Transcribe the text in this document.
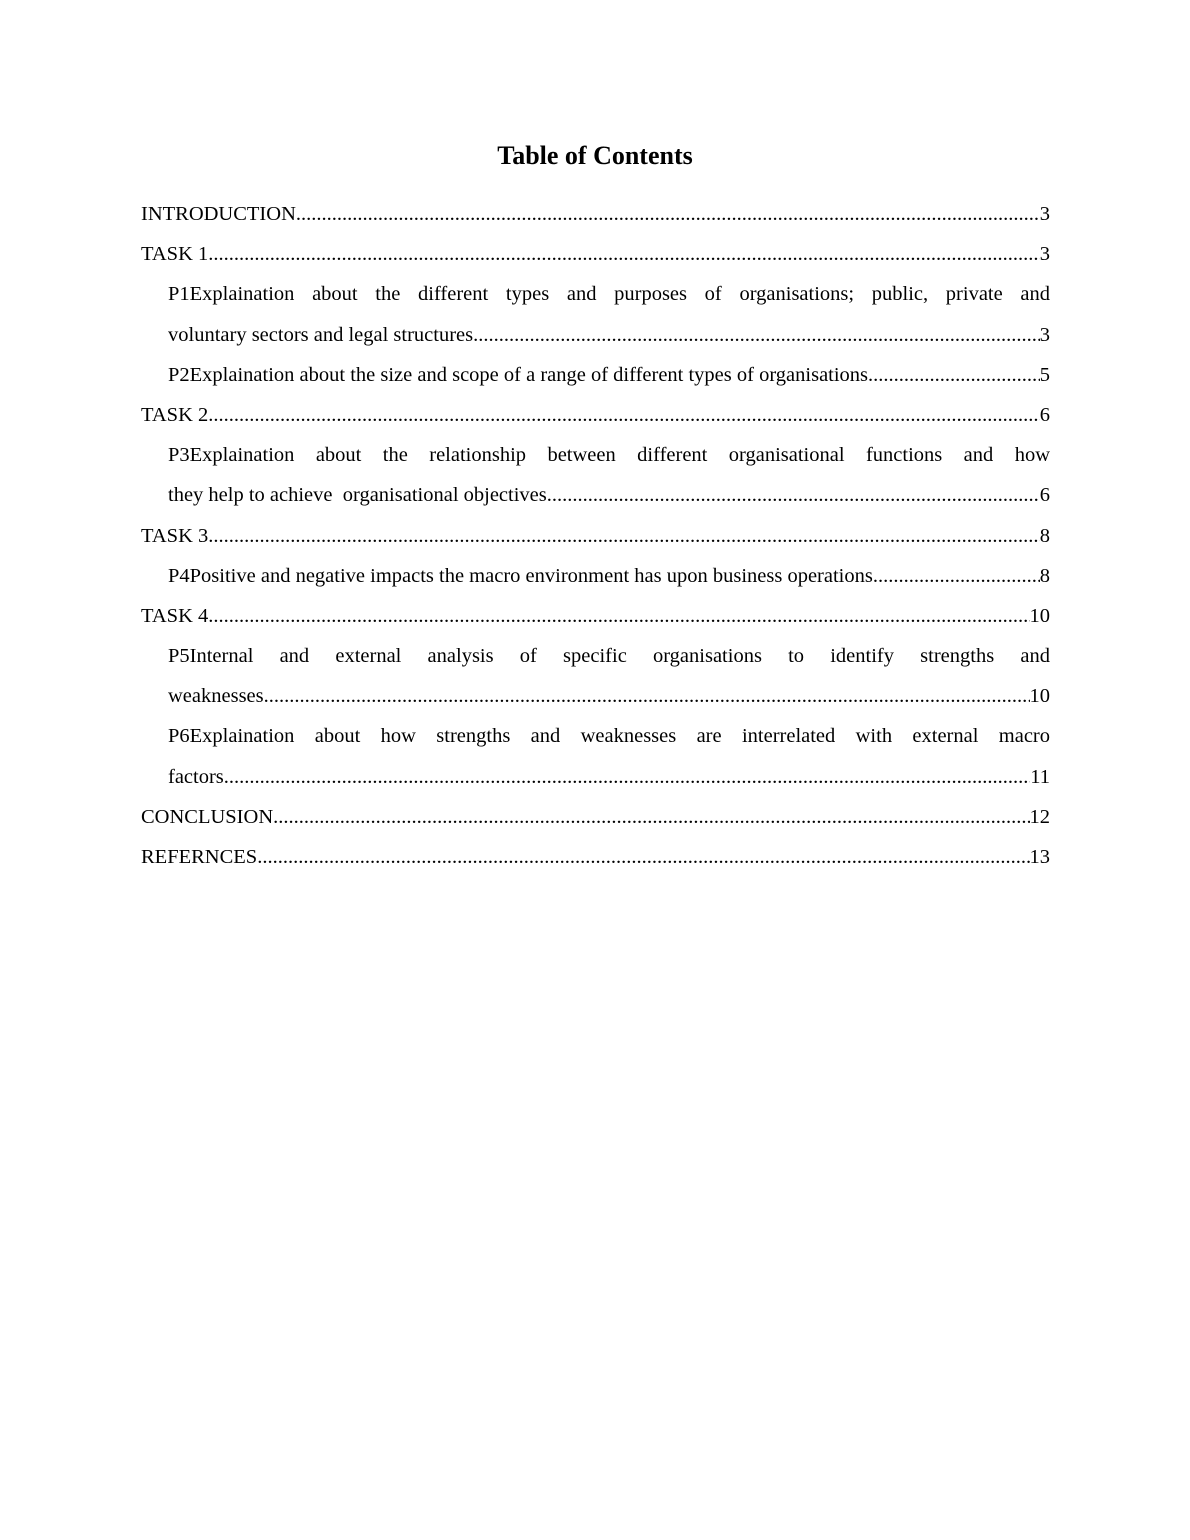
Table of Contents
INTRODUCTION .....	3
TASK 1 .....	3
P1Explaination about the different types and purposes of organisations; public, private and
voluntary sectors and legal structures .....	3
P2Explaination about the size and scope of a range of different types of organisations .....	5
TASK 2 .....	6
P3Explaination about the relationship between different organisational functions and how
they help to achieve  organisational objectives .....	6
TASK 3 .....	8
P4Positive and negative impacts the macro environment has upon business operations .....	8
TASK 4 .....	10
P5Internal and external analysis of specific organisations to identify strengths and
weaknesses .....	10
P6Explaination about how strengths and weaknesses are interrelated with external macro
factors .....	11
CONCLUSION .....	12
REFERNCES .....	13
